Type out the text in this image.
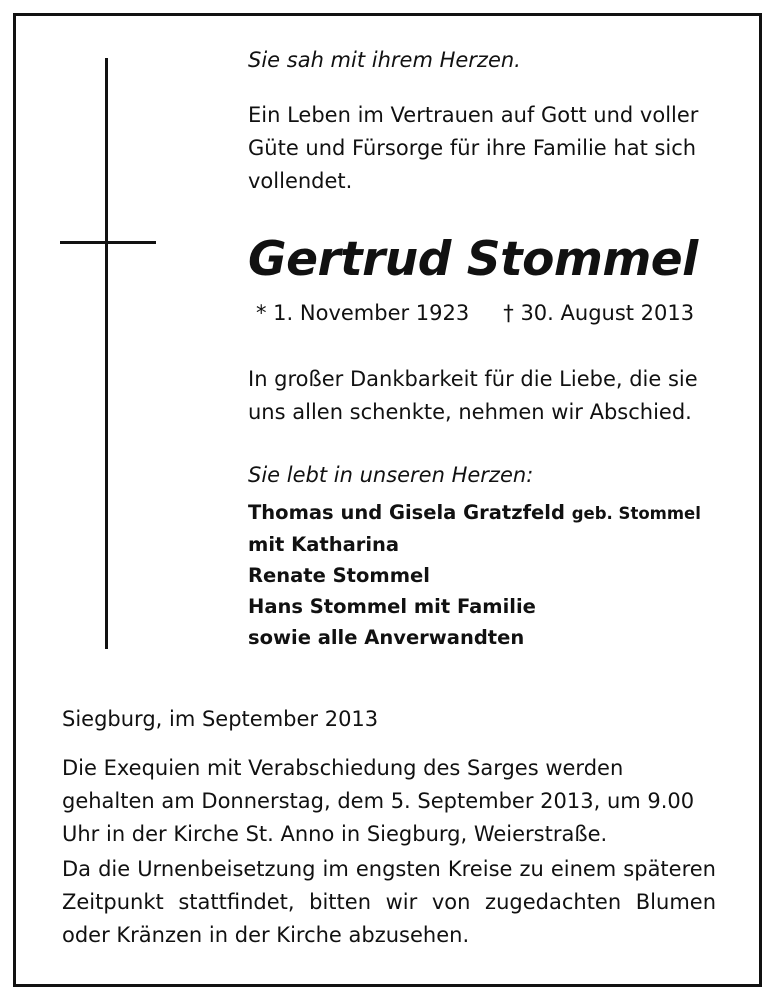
Sie sah mit ihrem Herzen.
Ein Leben im Vertrauen auf Gott und voller Güte und Fürsorge für ihre Familie hat sich vollendet.
Gertrud Stommel
* 1. November 1923 † 30. August 2013
In großer Dankbarkeit für die Liebe, die sie uns allen schenkte, nehmen wir Abschied.
Sie lebt in unseren Herzen:
Thomas und Gisela Gratzfeld geb. Stommel
mit Katharina
Renate Stommel
Hans Stommel mit Familie
sowie alle Anverwandten
Siegburg, im September 2013
Die Exequien mit Verabschiedung des Sarges werden gehalten am Donnerstag, dem 5. September 2013, um 9.00 Uhr in der Kirche St. Anno in Siegburg, Weierstraße.
Da die Urnenbeisetzung im engsten Kreise zu einem späteren Zeitpunkt stattfindet, bitten wir von zugedachten Blumen oder Kränzen in der Kirche abzusehen.
